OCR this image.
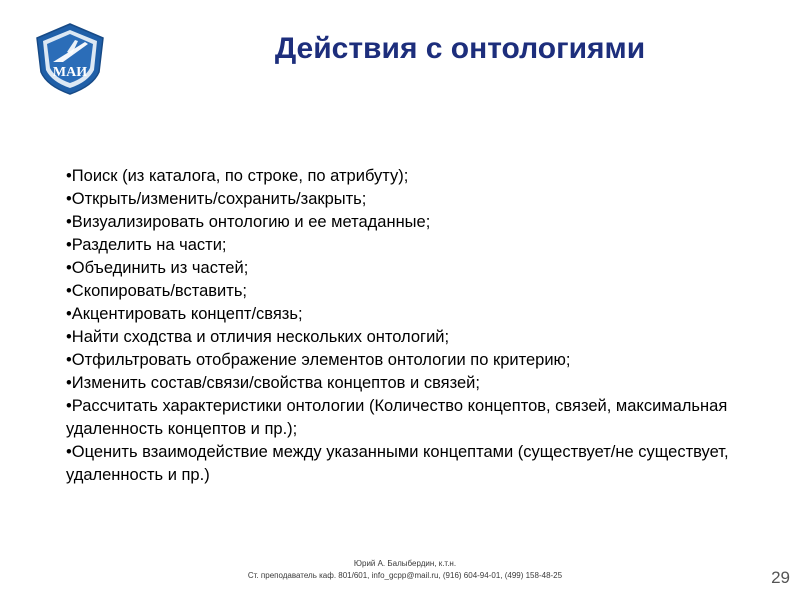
МАИ
Действия с онтологиями
•Поиск (из каталога, по строке, по атрибуту);
•Открыть/изменить/сохранить/закрыть;
•Визуализировать онтологию и ее метаданные;
•Разделить на части;
•Объединить из частей;
•Скопировать/вставить;
•Акцентировать концепт/связь;
•Найти сходства и отличия нескольких онтологий;
•Отфильтровать отображение элементов онтологии по критерию;
•Изменить состав/связи/свойства концептов и связей;
•Рассчитать характеристики онтологии (Количество концептов, связей, максимальная удаленность концептов и пр.);
•Оценить взаимодействие между указанными концептами (существует/не существует, удаленность и пр.)
Юрий А. Балыбердин, к.т.н.
Ст. преподаватель каф. 801/601, info_gcpp@mail.ru, (916) 604-94-01, (499) 158-48-25	29
